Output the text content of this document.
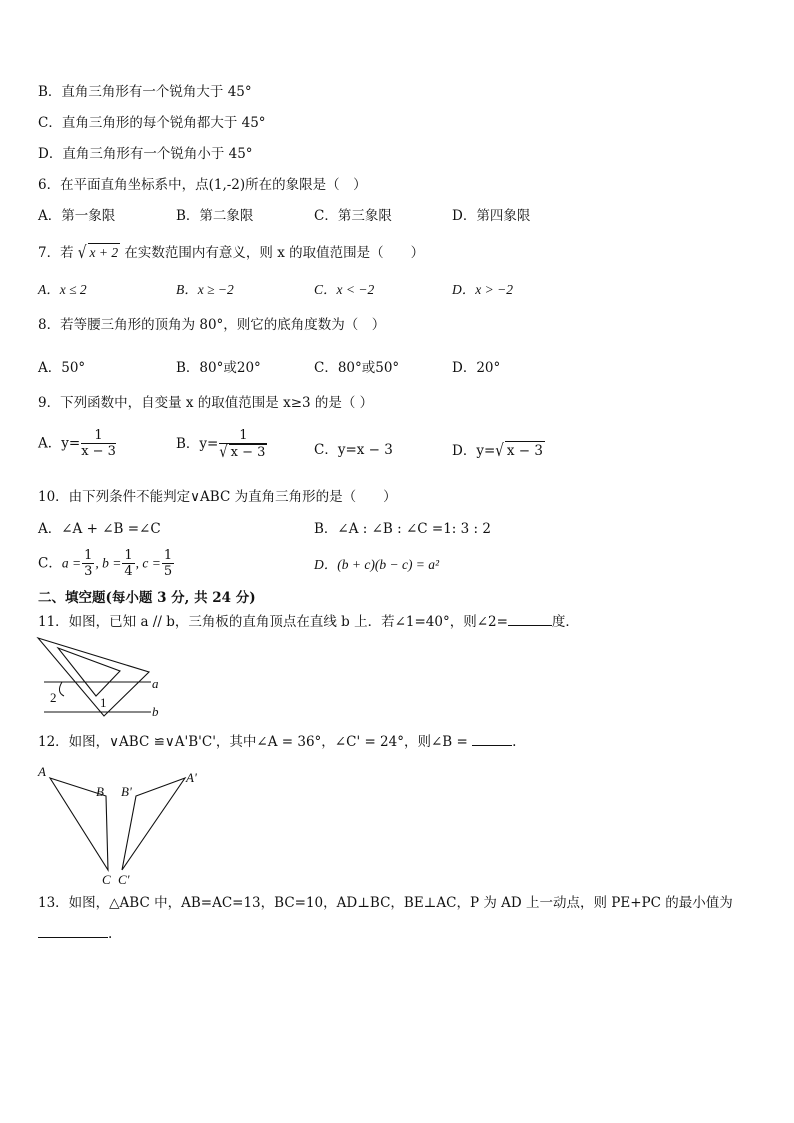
B．直角三角形有一个锐角大于 45°
C．直角三角形的每个锐角都大于 45°
D．直角三角形有一个锐角小于 45°
6．在平面直角坐标系中，点(1,-2)所在的象限是（　）
A．第一象限	B．第二象限	C．第三象限	D．第四象限
7．若 √ x + 2 在实数范围内有意义，则 x 的取值范围是（　　）
A．x ≤ 2	B．x ≥ −2	C．x < −2	D．x > −2
8．若等腰三角形的顶角为 80°，则它的底角度数为（　）
A．50°	B．80°或20°	C．80°或50°	D．20°
9．下列函数中，自变量 x 的取值范围是 x≥3 的是（ ）
A．$y= \frac{1}{x - 3}$	B．$y= \frac{1}{√ x - 3}$	C．y=x − 3	D．y=√ x − 3
10．由下列条件不能判定∨ABC 为直角三角形的是（　　）
A．∠A + ∠B =∠C	B．∠A : ∠B : ∠C =1: 3 : 2
C．$a = \frac{1}{3}$ , $b = \frac{1}{4}$ , $c = \frac{1}{5}$	D．(b + c)(b − c) = a²
二、填空题(每小题 3 分, 共 24 分)
11．如图，已知 a // b，三角板的直角顶点在直线 b 上．若∠1=40°，则∠2=	度．
a
b
1
2
12．如图，∨ABC ≌∨A'B'C'，其中∠A = 36°，∠C' = 24°，则∠B =	.
A
B
C
A'
B'
C'
13．如图，△ABC 中，AB=AC=13，BC=10，AD⊥BC，BE⊥AC，P 为 AD 上一动点，则 PE+PC 的最小值为
.
